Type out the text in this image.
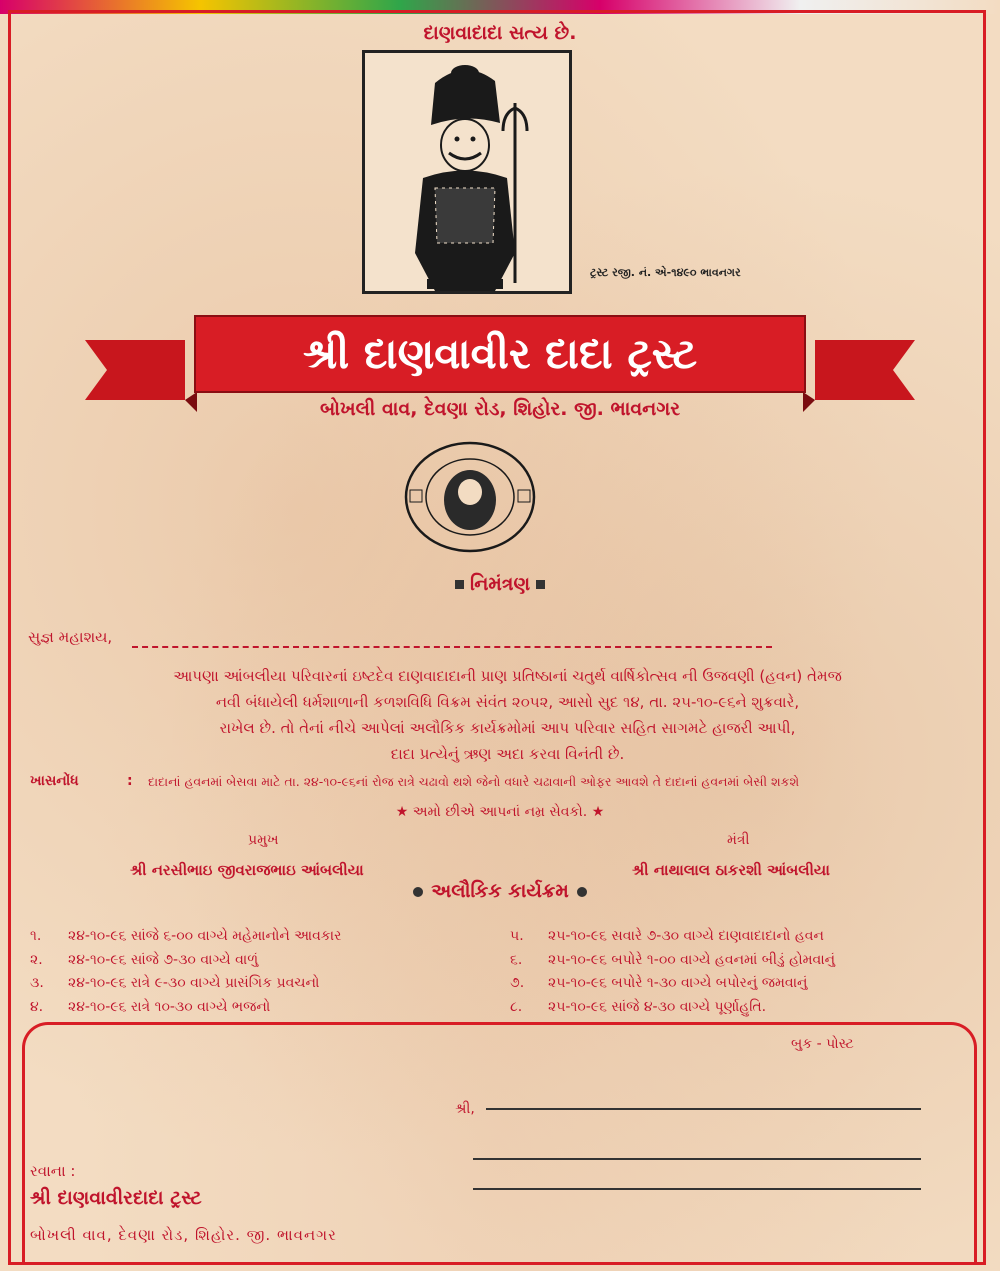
દાણવાદાદા સત્ય છે.
ટ્રસ્ટ રજી. નં. એ-૧૪૯૦ ભાવનગર
શ્રી દાણવાવીર દાદા ટ્રસ્ટ
બોખલી વાવ, દેવણા રોડ, શિહોર. જી. ભાવનગર
નિમંત્રણ
સુજ્ઞ મહાશય,
આપણા આંબલીયા પરિવારનાં ઇષ્ટદેવ દાણવાદાદાની પ્રાણ પ્રતિષ્ઠાનાં ચતુર્થ વાર્ષિકોત્સવ ની ઉજવણી (હવન) તેમજ
નવી બંધાયેલી ધર્મશાળાની કળશવિધિ વિક્રમ સંવંત ૨૦૫૨, આસો સુદ ૧૪, તા. ૨૫-૧૦-૯૬ને શુક્રવારે,
રાખેલ છે. તો તેનાં નીચે આપેલાં અલૌકિક કાર્યક્રમોમાં આપ પરિવાર સહિત સાગમટે હાજરી આપી,
દાદા પ્રત્યેનું ઋણ અદા કરવા વિનંતી છે.
ખાસનોંધ	: દાદાનાં હવનમાં બેસવા માટે તા. ૨૪-૧૦-૯૬નાં રોજ રાત્રે ચઢાવો થશે જેનો વધારે ચઢાવાની ઓફર આવશે તે દાદાનાં હવનમાં બેસી શકશે
★ અમો છીએ આપનાં નમ્ર સેવકો. ★
પ્રમુખ	મંત્રી
શ્રી નરસીભાઇ જીવરાજભાઇ આંબલીયા	શ્રી નાથાલાલ ઠાકરશી આંબલીયા
અલૌકિક કાર્યક્રમ
૧. ૨૪-૧૦-૯૬ સાંજે ૬-૦૦ વાગ્યે મહેમાનોને આવકાર
૨. ૨૪-૧૦-૯૬ સાંજે ૭-૩૦ વાગ્યે વાળું
૩. ૨૪-૧૦-૯૬ રાત્રે ૯-૩૦ વાગ્યે પ્રાસંગિક પ્રવચનો
૪. ૨૪-૧૦-૯૬ રાત્રે ૧૦-૩૦ વાગ્યે ભજનો
૫. ૨૫-૧૦-૯૬ સવારે ૭-૩૦ વાગ્યે દાણવાદાદાનો હવન
૬. ૨૫-૧૦-૯૬ બપોરે ૧-૦૦ વાગ્યે હવનમાં બીડું હોમવાનું
૭. ૨૫-૧૦-૯૬ બપોરે ૧-૩૦ વાગ્યે બપોરનું જમવાનું
૮. ૨૫-૧૦-૯૬ સાંજે ૪-૩૦ વાગ્યે પૂર્ણાહુતિ.
બુક - પોસ્ટ
શ્રી,
રવાના :
શ્રી દાણવાવીરદાદા ટ્રસ્ટ
બોખલી વાવ, દેવણા રોડ, શિહોર. જી. ભાવનગર
